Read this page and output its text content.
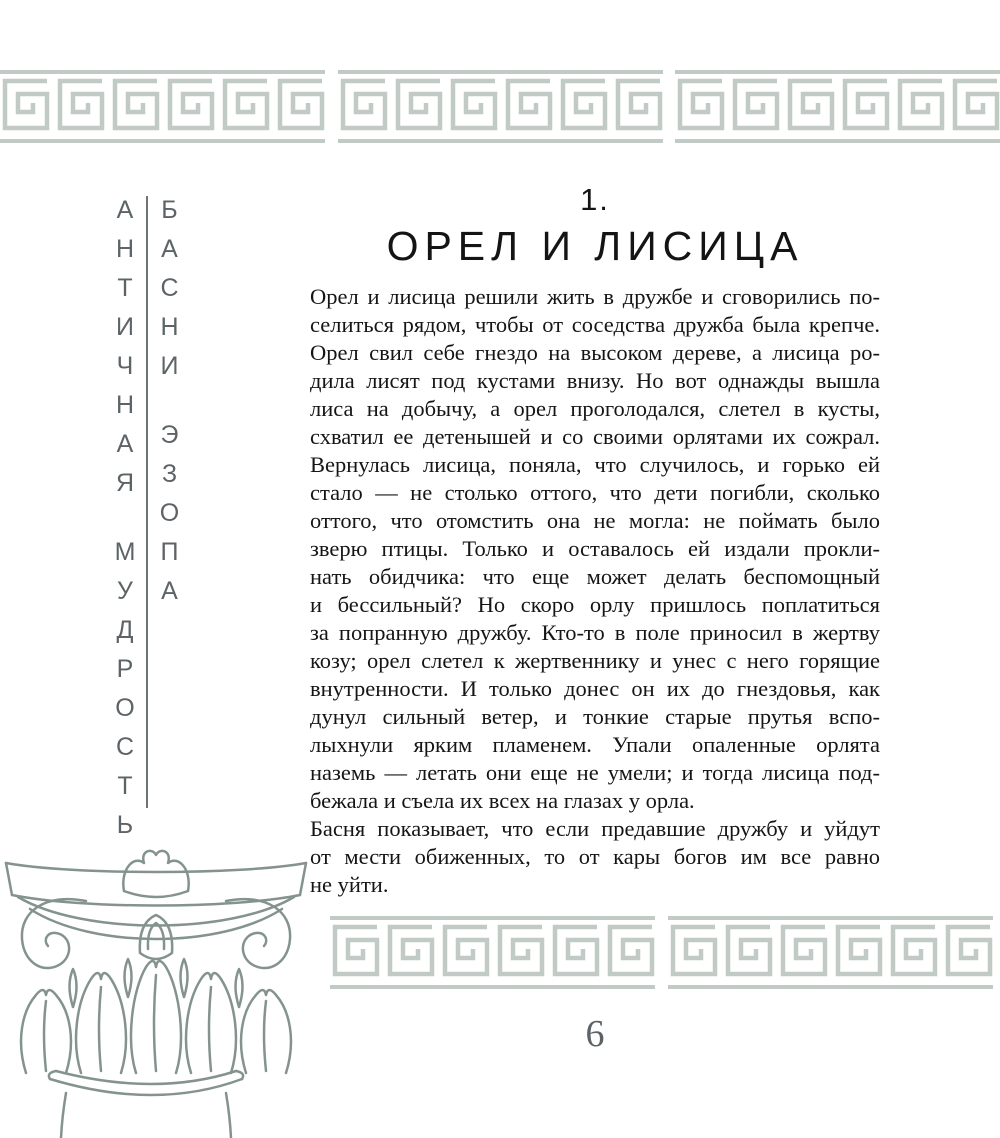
АНТИЧНАЯМУДРОСТЬ
БАСНИЭЗОПА
1.
ОРЕЛ И ЛИСИЦА
Орел и лисица решили жить в дружбе и сговорились по-
селиться рядом, чтобы от соседства дружба была крепче.
Орел свил себе гнездо на высоком дереве, а лисица ро-
дила лисят под кустами внизу. Но вот однажды вышла
лиса на добычу, а орел проголодался, слетел в кусты,
схватил ее детенышей и со своими орлятами их сожрал.
Вернулась лисица, поняла, что случилось, и горько ей
стало — не столько оттого, что дети погибли, сколько
оттого, что отомстить она не могла: не поймать было
зверю птицы. Только и оставалось ей издали прокли-
нать обидчика: что еще может делать беспомощный
и бессильный? Но скоро орлу пришлось поплатиться
за попранную дружбу. Кто-то в поле приносил в жертву
козу; орел слетел к жертвеннику и унес с него горящие
внутренности. И только донес он их до гнездовья, как
дунул сильный ветер, и тонкие старые прутья вспо-
лыхнули ярким пламенем. Упали опаленные орлята
наземь — летать они еще не умели; и тогда лисица под-
бежала и съела их всех на глазах у орла.
Басня показывает, что если предавшие дружбу и уйдут
от мести обиженных, то от кары богов им все равно
не уйти.
6
